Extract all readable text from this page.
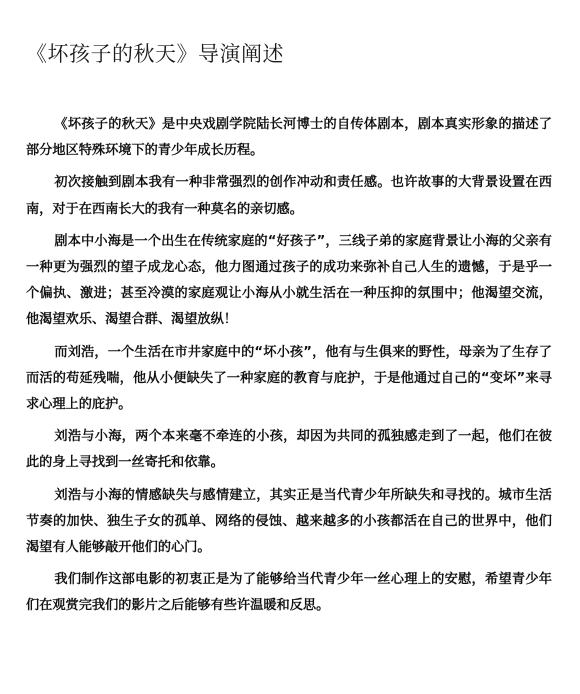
《坏孩子的秋天》导演阐述

《坏孩子的秋天》是中央戏剧学院陆长河博士的自传体剧本，剧本真实形象的描述了部分地区特殊环境下的青少年成长历程。

初次接触到剧本我有一种非常强烈的创作冲动和责任感。也许故事的大背景设置在西南，对于在西南长大的我有一种莫名的亲切感。

剧本中小海是一个出生在传统家庭的“好孩子”，三线子弟的家庭背景让小海的父亲有一种更为强烈的望子成龙心态，他力图通过孩子的成功来弥补自己人生的遗憾，于是乎一个偏执、激进；甚至冷漠的家庭观让小海从小就生活在一种压抑的氛围中；他渴望交流，他渴望欢乐、渴望合群、渴望放纵！

而刘浩，一个生活在市井家庭中的“坏小孩”，他有与生俱来的野性，母亲为了生存了而活的苟延残喘，他从小便缺失了一种家庭的教育与庇护，于是他通过自己的“变坏”来寻求心理上的庇护。

刘浩与小海，两个本来毫不牵连的小孩，却因为共同的孤独感走到了一起，他们在彼此的身上寻找到一丝寄托和依靠。

刘浩与小海的情感缺失与感情建立，其实正是当代青少年所缺失和寻找的。城市生活节奏的加快、独生子女的孤单、网络的侵蚀、越来越多的小孩都活在自己的世界中，他们渴望有人能够敲开他们的心门。

我们制作这部电影的初衷正是为了能够给当代青少年一丝心理上的安慰，希望青少年们在观赏完我们的影片之后能够有些许温暖和反思。
